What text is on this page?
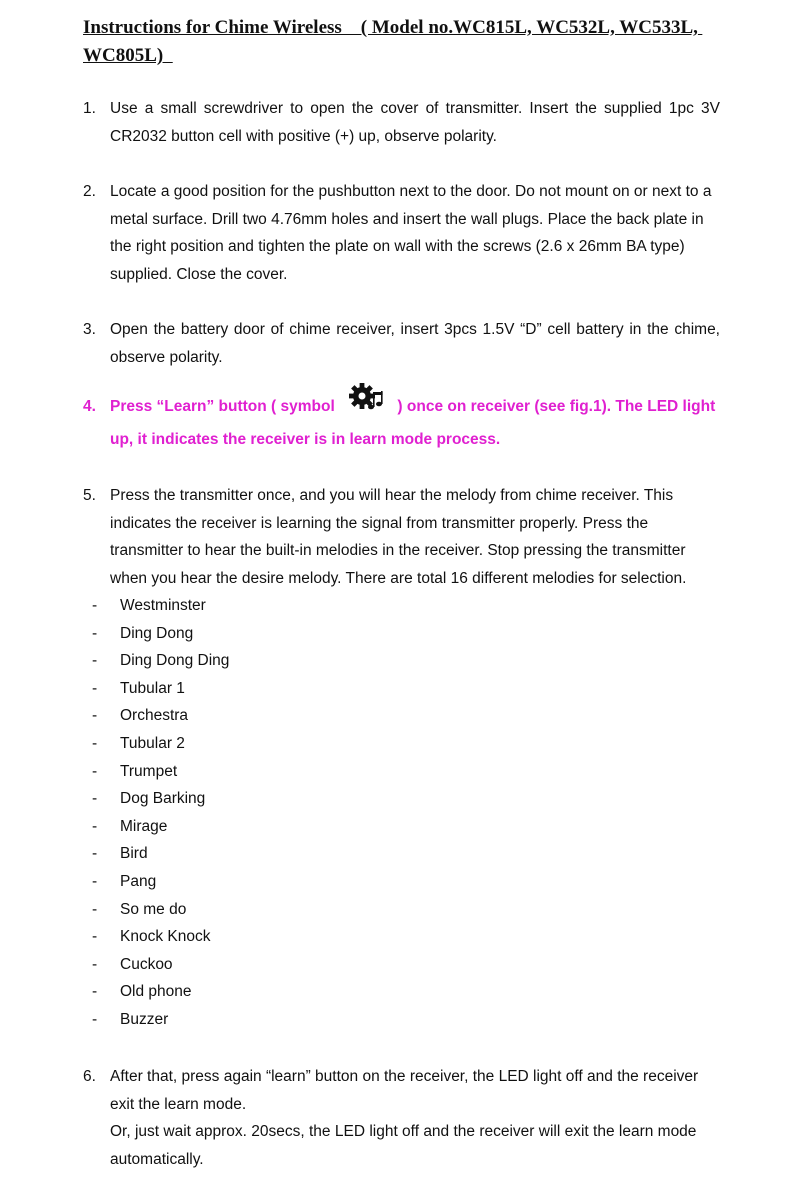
Instructions for Chime Wireless    ( Model no.WC815L, WC532L, WC533L, WC805L)
1. Use a small screwdriver to open the cover of transmitter. Insert the supplied 1pc 3V CR2032 button cell with positive (+) up, observe polarity.
2. Locate a good position for the pushbutton next to the door. Do not mount on or next to a metal surface. Drill two 4.76mm holes and insert the wall plugs. Place the back plate in the right position and tighten the plate on wall with the screws (2.6 x 26mm BA type) supplied. Close the cover.
3. Open the battery door of chime receiver, insert 3pcs 1.5V “D” cell battery in the chime, observe polarity.
4. Press “Learn” button ( symbol	) once on receiver (see fig.1). The LED light up, it indicates the receiver is in learn mode process.
5. Press the transmitter once, and you will hear the melody from chime receiver. This indicates the receiver is learning the signal from transmitter properly. Press the transmitter to hear the built-in melodies in the receiver. Stop pressing the transmitter when you hear the desire melody. There are total 16 different melodies for selection.
- Westminster
- Ding Dong
- Ding Dong Ding
- Tubular 1
- Orchestra
- Tubular 2
- Trumpet
- Dog Barking
- Mirage
- Bird
- Pang
- So me do
- Knock Knock
- Cuckoo
- Old phone
- Buzzer
6. After that, press again “learn” button on the receiver, the LED light off and the receiver exit the learn mode.
Or, just wait approx. 20secs, the LED light off and the receiver will exit the learn mode automatically.
